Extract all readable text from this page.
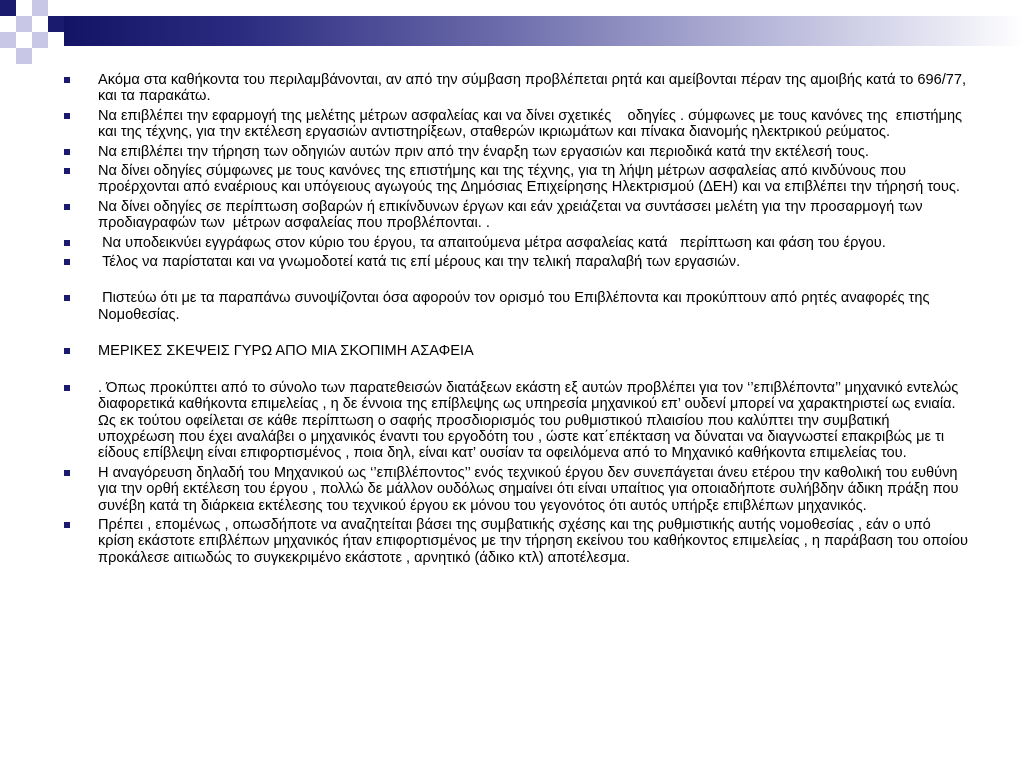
Ακόμα στα καθήκοντα του περιλαμβάνονται, αν από την σύμβαση προβλέπεται ρητά και αμείβονται πέραν της αμοιβής κατά το 696/77, και τα παρακάτω.
Να επιβλέπει την εφαρμογή της μελέτης μέτρων ασφαλείας και να δίνει σχετικές    οδηγίες . σύμφωνες με τους κανόνες της  επιστήμης και της τέχνης, για την εκτέλεση εργασιών αντιστηρίξεων, σταθερών ικριωμάτων και πίνακα διανομής ηλεκτρικού ρεύματος.
Να επιβλέπει την τήρηση των οδηγιών αυτών πριν από την έναρξη των εργασιών και περιοδικά κατά την εκτέλεσή τους.
Να δίνει οδηγίες σύμφωνες με τους κανόνες της επιστήμης και της τέχνης, για τη λήψη μέτρων ασφαλείας από κινδύνους που προέρχονται από εναέριους και υπόγειους αγωγούς της Δημόσιας Επιχείρησης Ηλεκτρισμού (ΔΕΗ) και να επιβλέπει την τήρησή τους.
Να δίνει οδηγίες σε περίπτωση σοβαρών ή επικίνδυνων έργων και εάν χρειάζεται να συντάσσει μελέτη για την προσαρμογή των προδιαγραφών των  μέτρων ασφαλείας που προβλέπονται. .
Να υποδεικνύει εγγράφως στον κύριο του έργου, τα απαιτούμενα μέτρα ασφαλείας κατά   περίπτωση και φάση του έργου.
Τέλος να παρίσταται και να γνωμοδοτεί κατά τις επί μέρους και την τελική παραλαβή των εργασιών.
Πιστεύω ότι με τα παραπάνω συνοψίζονται όσα αφορούν τον ορισμό του Επιβλέποντα και προκύπτουν από ρητές αναφορές της Νομοθεσίας.
ΜΕΡΙΚΕΣ ΣΚΕΨΕΙΣ ΓΥΡΩ ΑΠΟ ΜΙΑ ΣΚΟΠΙΜΗ ΑΣΑΦΕΙΑ
. Όπως προκύπτει από το σύνολο των παρατεθεισών διατάξεων εκάστη εξ αυτών προβλέπει για τον ‘’επιβλέποντα’’ μηχανικό εντελώς διαφορετικά καθήκοντα επιμελείας , η δε έννοια της επίβλεψης ως υπηρεσία μηχανικού επ’ ουδενί μπορεί να χαρακτηριστεί ως ενιαία. Ως εκ τούτου οφείλεται σε κάθε περίπτωση ο σαφής προσδιορισμός του ρυθμιστικού πλαισίου που καλύπτει την συμβατική υποχρέωση που έχει αναλάβει ο μηχανικός έναντι του εργοδότη του , ώστε κατ΄επέκταση να δύναται να διαγνωστεί επακριβώς με τι είδους επίβλεψη είναι επιφορτισμένος , ποια δηλ, είναι κατ’ ουσίαν τα οφειλόμενα από το Μηχανικό καθήκοντα επιμελείας του.
Η αναγόρευση δηλαδή του Μηχανικού ως ‘’επιβλέποντος’’ ενός τεχνικού έργου δεν συνεπάγεται άνευ ετέρου την καθολική του ευθύνη για την ορθή εκτέλεση του έργου , πολλώ δε μάλλον ουδόλως σημαίνει ότι είναι υπαίτιος για οποιαδήποτε συλήβδην άδικη πράξη που συνέβη κατά τη διάρκεια εκτέλεσης του τεχνικού έργου εκ μόνου του γεγονότος ότι αυτός υπήρξε επιβλέπων μηχανικός.
Πρέπει , επομένως , οπωσδήποτε να αναζητείται βάσει της συμβατικής σχέσης και της ρυθμιστικής αυτής νομοθεσίας , εάν ο υπό κρίση εκάστοτε επιβλέπων μηχανικός ήταν επιφορτισμένος με την τήρηση εκείνου του καθήκοντος επιμελείας , η παράβαση του οποίου προκάλεσε αιτιωδώς το συγκεκριμένο εκάστοτε , αρνητικό (άδικο κτλ) αποτέλεσμα.
